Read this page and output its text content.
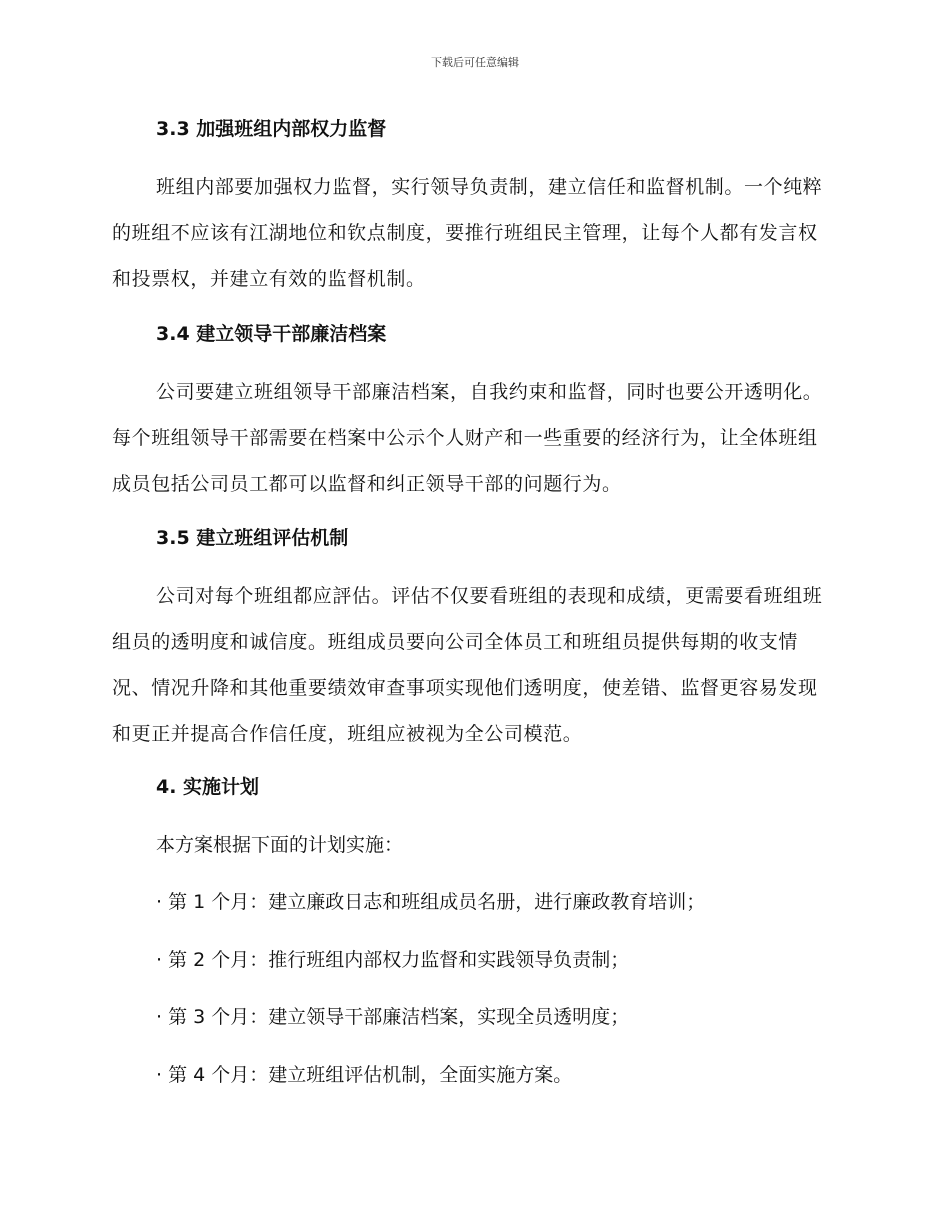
下载后可任意编辑
3.3 加强班组内部权力监督

班组内部要加强权力监督，实行领导负责制，建立信任和监督机制。一个纯粹的班组不应该有江湖地位和钦点制度，要推行班组民主管理，让每个人都有发言权和投票权，并建立有效的监督机制。

3.4 建立领导干部廉洁档案

公司要建立班组领导干部廉洁档案，自我约束和监督，同时也要公开透明化。每个班组领导干部需要在档案中公示个人财产和一些重要的经济行为，让全体班组成员包括公司员工都可以监督和纠正领导干部的问题行为。

3.5 建立班组评估机制

公司对每个班组都应評估。评估不仅要看班组的表现和成绩，更需要看班组班组员的透明度和诚信度。班组成员要向公司全体员工和班组员提供每期的收支情况、情况升降和其他重要绩效审查事项实现他们透明度，使差错、监督更容易发现和更正并提高合作信任度，班组应被视为全公司模范。

4. 实施计划

本方案根据下面的计划实施：

· 第 1 个月：建立廉政日志和班组成员名册，进行廉政教育培训；

· 第 2 个月：推行班组内部权力监督和实践领导负责制；

· 第 3 个月：建立领导干部廉洁档案，实现全员透明度；

· 第 4 个月：建立班组评估机制，全面实施方案。
